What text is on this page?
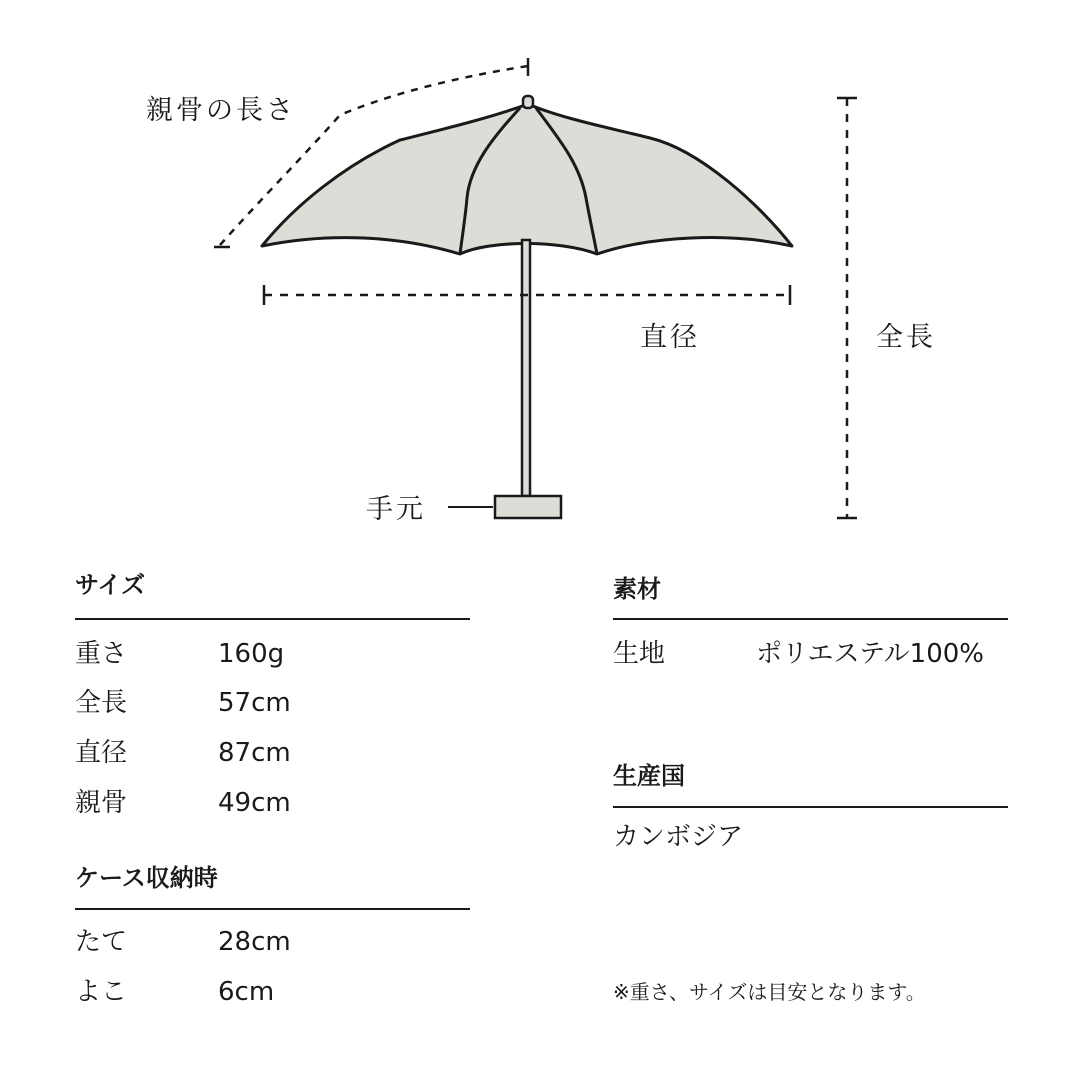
親骨の長さ
直径	全長
手元
サイズ
重さ	160g
全長	57cm
直径	87cm
親骨	49cm
ケース収納時
たて	28cm
よこ	6cm
素材
生地	ポリエステル100%
生産国
カンボジア
※重さ、サイズは目安となります。
